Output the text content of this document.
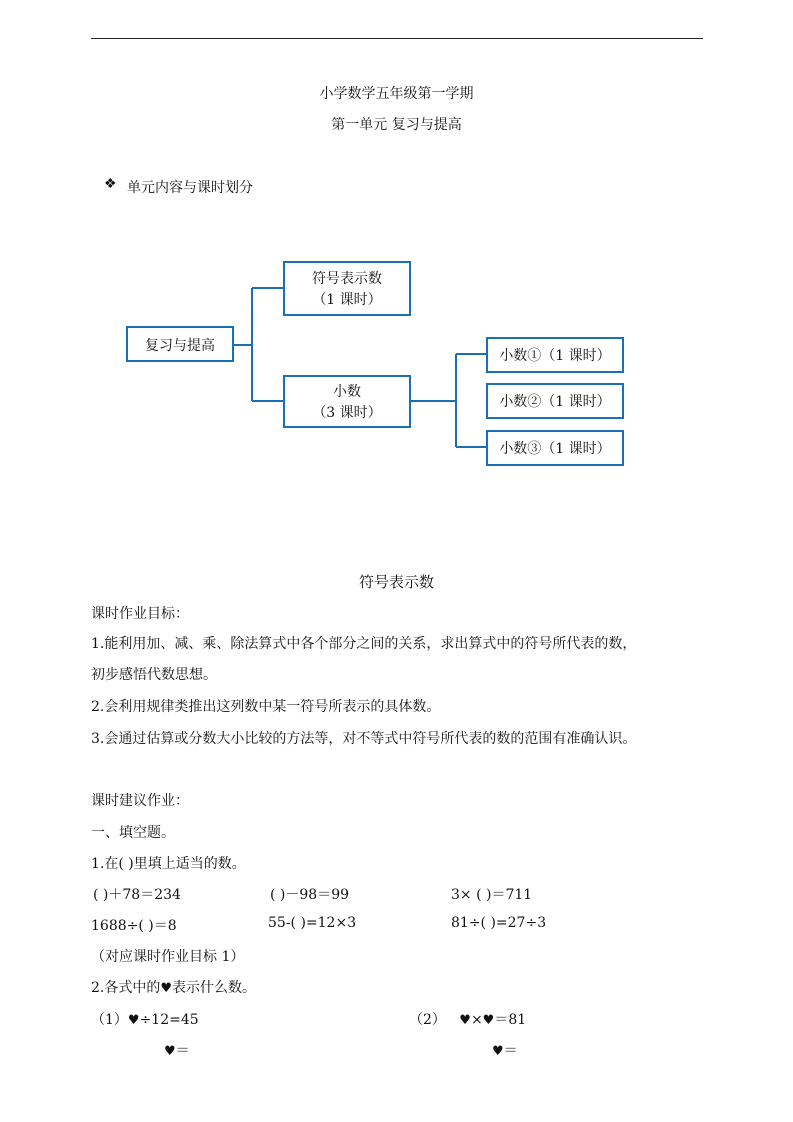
小学数学五年级第一学期
第一单元 复习与提高
❖ 单元内容与课时划分
复习与提高
符号表示数
（1 课时）
小数
（3 课时）
小数①（1 课时）
小数②（1 课时）
小数③（1 课时）
符号表示数
课时作业目标：
1.能利用加、减、乘、除法算式中各个部分之间的关系，求出算式中的符号所代表的数，
初步感悟代数思想。
2.会利用规律类推出这列数中某一符号所表示的具体数。
3.会通过估算或分数大小比较的方法等，对不等式中符号所代表的数的范围有准确认识。
课时建议作业：
一、填空题。
1.在( )里填上适当的数。
( )＋78＝234	( )－98＝99	3× ( )＝711
1688÷( )＝8	55-( )=12×3	81÷( )=27÷3
（对应课时作业目标 1）
2.各式中的♥表示什么数。
（1）♥÷12=45	（2） ♥×♥＝81
♥＝	♥＝
